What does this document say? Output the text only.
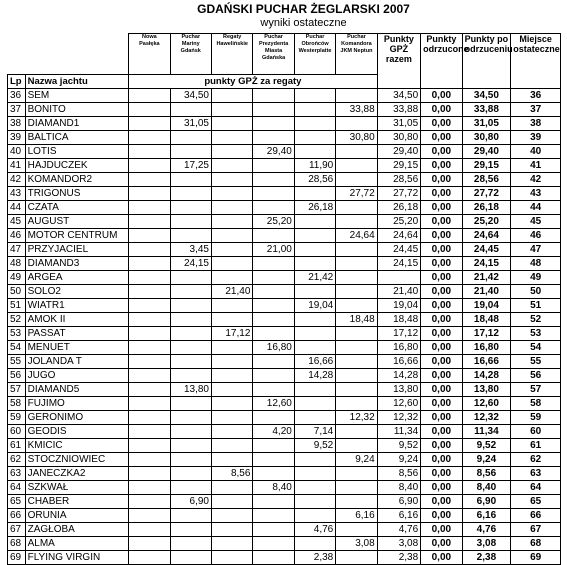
GDAŃSKI PUCHAR ŻEGLARSKI 2007
wyniki ostateczne
		Nowa Pasłęka	Puchar Mariny Gdańsk	Regaty Hawelińskie	Puchar Prezydenta Miasta Gdańska	Puchar Obrońców Westerplatte	Puchar Komandora JKM Neptun	Punkty GPŻ razem	Punkty odrzucone	Punkty po odrzuceniu	Miejsce ostateczne
Lp	Nazwa jachtu	punkty GPŻ za regaty									
36	SEM		34,50					34,50	0,00	34,50	36
37	BONITO						33,88	33,88	0,00	33,88	37
38	DIAMAND1		31,05					31,05	0,00	31,05	38
39	BALTICA						30,80	30,80	0,00	30,80	39
40	LOTIS				29,40			29,40	0,00	29,40	40
41	HAJDUCZEK		17,25			11,90		29,15	0,00	29,15	41
42	KOMANDOR2					28,56		28,56	0,00	28,56	42
43	TRIGONUS						27,72	27,72	0,00	27,72	43
44	CZATA					26,18		26,18	0,00	26,18	44
45	AUGUST				25,20			25,20	0,00	25,20	45
46	MOTOR CENTRUM						24,64	24,64	0,00	24,64	46
47	PRZYJACIEL		3,45		21,00			24,45	0,00	24,45	47
48	DIAMAND3		24,15					24,15	0,00	24,15	48
49	ARGEA					21,42			0,00	21,42	49
50	SOLO2			21,40				21,40	0,00	21,40	50
51	WIATR1					19,04		19,04	0,00	19,04	51
52	AMOK II						18,48	18,48	0,00	18,48	52
53	PASSAT			17,12				17,12	0,00	17,12	53
54	MENUET				16,80			16,80	0,00	16,80	54
55	JOLANDA T					16,66		16,66	0,00	16,66	55
56	JUGO					14,28		14,28	0,00	14,28	56
57	DIAMAND5		13,80					13,80	0,00	13,80	57
58	FUJIMO				12,60			12,60	0,00	12,60	58
59	GERONIMO						12,32	12,32	0,00	12,32	59
60	GEODIS				4,20	7,14		11,34	0,00	11,34	60
61	KMICIC					9,52		9,52	0,00	9,52	61
62	STOCZNIOWIEC						9,24	9,24	0,00	9,24	62
63	JANECZKA2			8,56				8,56	0,00	8,56	63
64	SZKWAŁ				8,40			8,40	0,00	8,40	64
65	CHABER		6,90					6,90	0,00	6,90	65
66	ORUNIA						6,16	6,16	0,00	6,16	66
67	ZAGŁOBA					4,76		4,76	0,00	4,76	67
68	ALMA						3,08	3,08	0,00	3,08	68
69	FLYING VIRGIN					2,38		2,38	0,00	2,38	69
